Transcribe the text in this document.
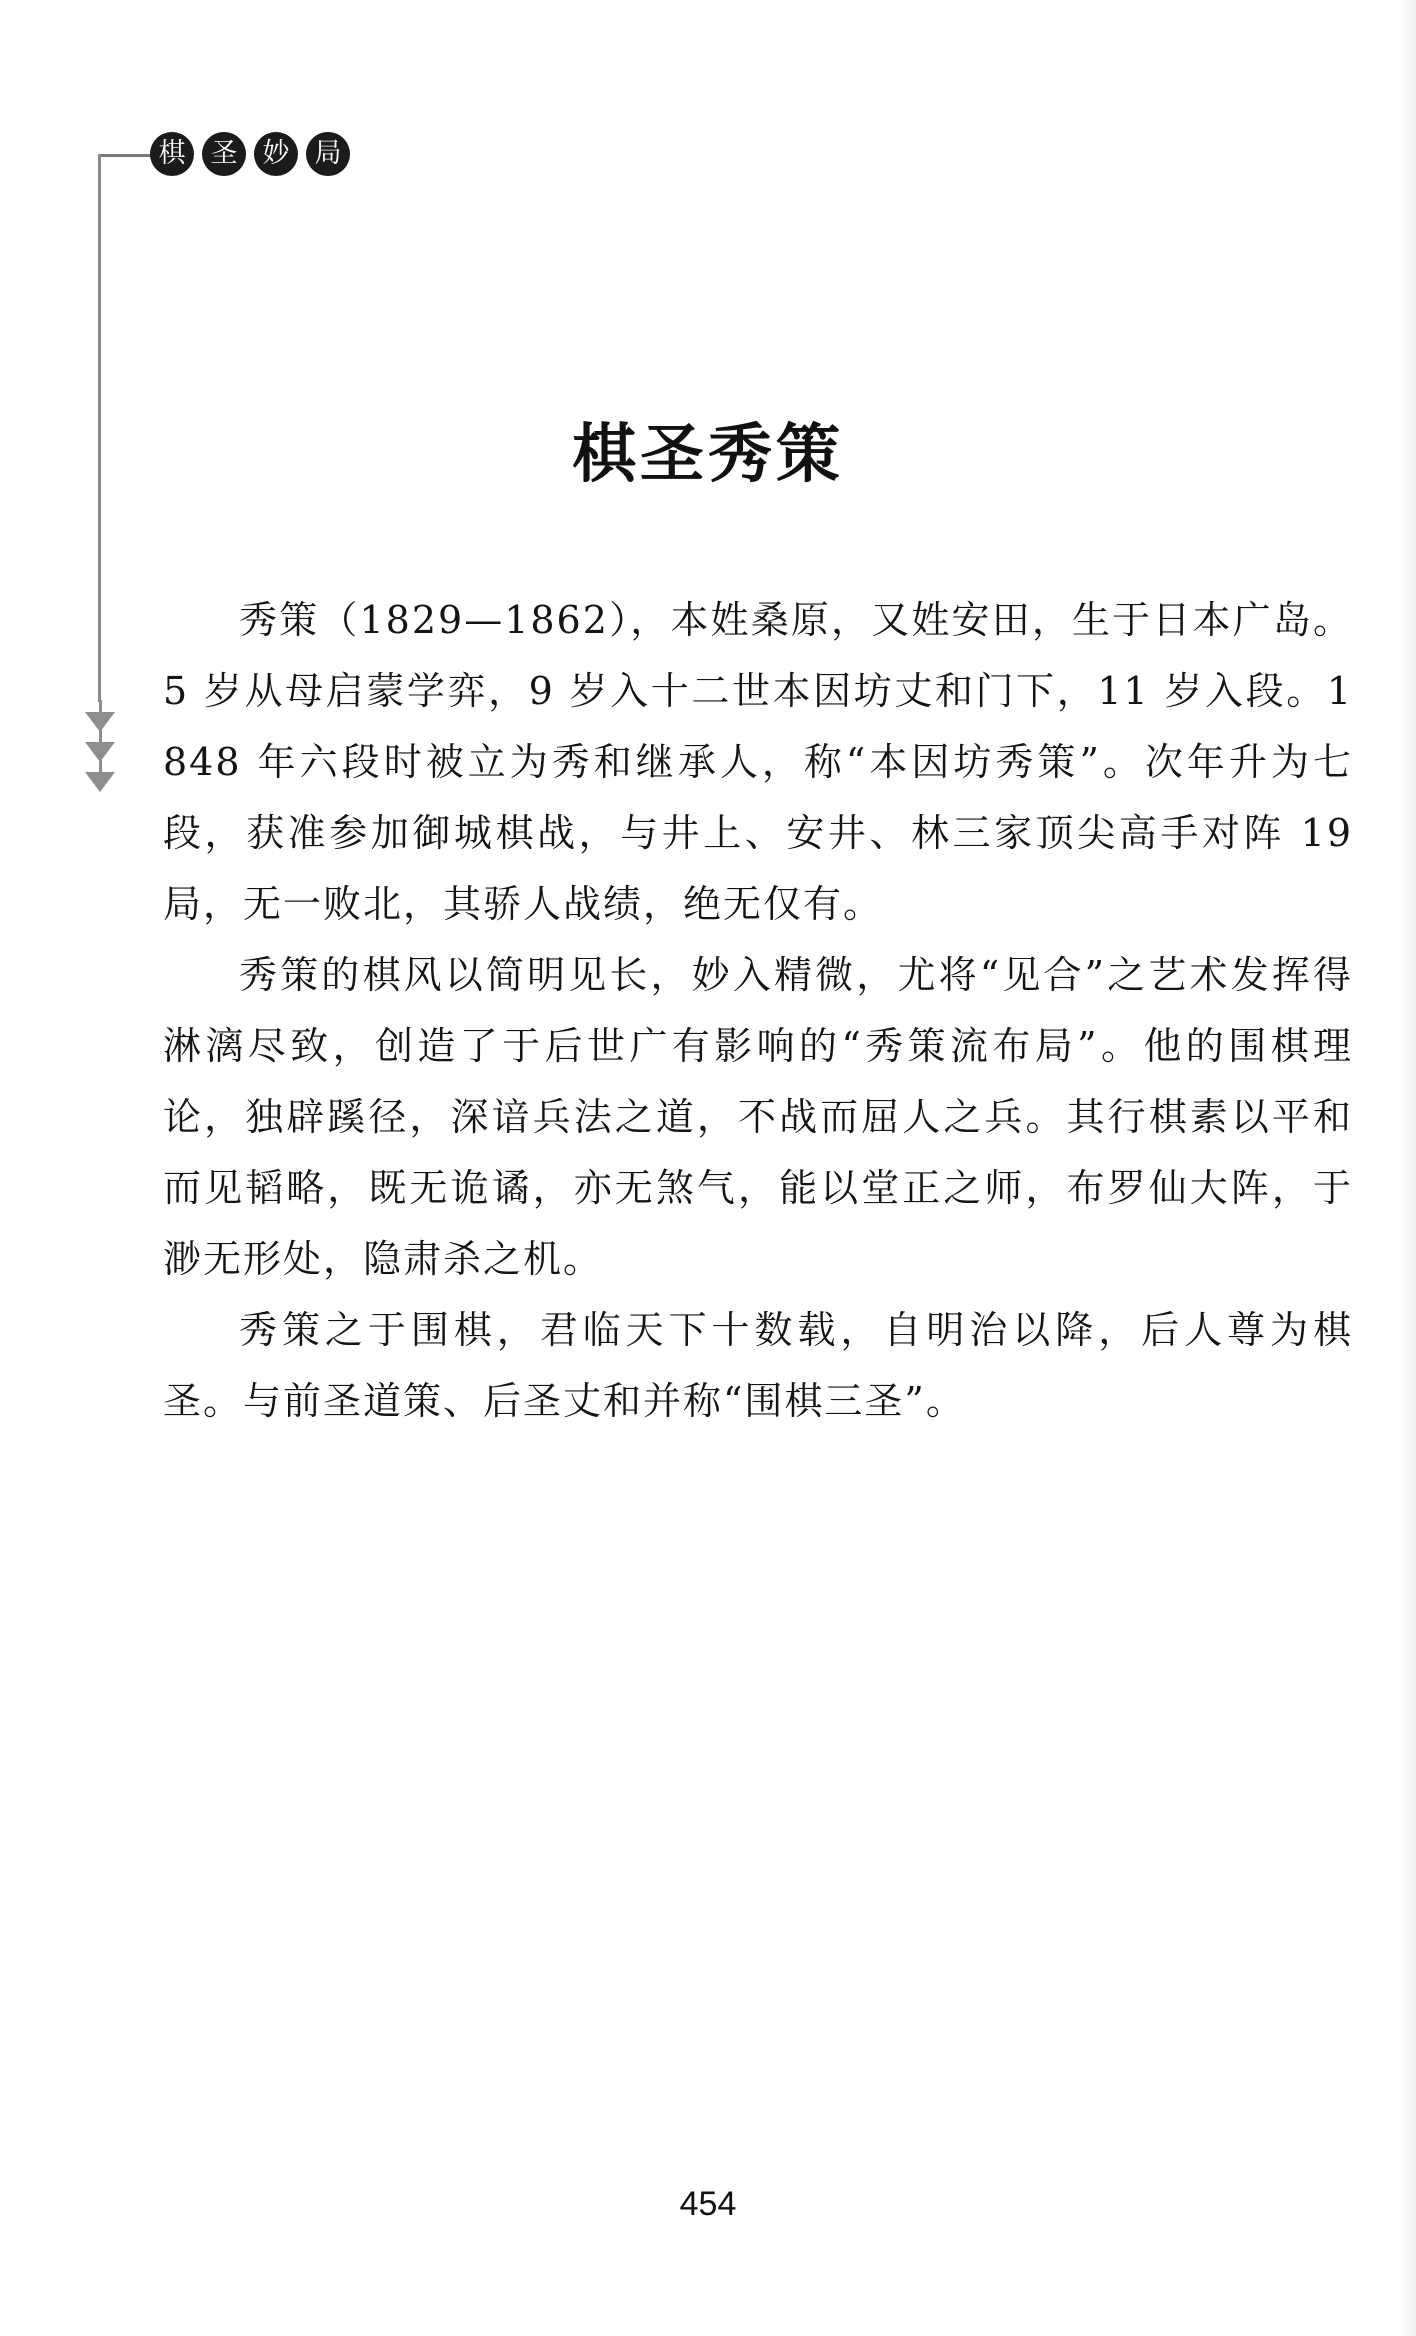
棋 圣 妙 局
棋圣秀策

秀策（1829—1862），本姓桑原，又姓安田，生于日本广岛。5 岁从母启蒙学弈，9 岁入十二世本因坊丈和门下，11 岁入段。1848 年六段时被立为秀和继承人，称“本因坊秀策”。次年升为七段，获准参加御城棋战，与井上、安井、林三家顶尖高手对阵 19 局，无一败北，其骄人战绩，绝无仅有。

秀策的棋风以简明见长，妙入精微，尤将“见合”之艺术发挥得淋漓尽致，创造了于后世广有影响的“秀策流布局”。他的围棋理论，独辟蹊径，深谙兵法之道，不战而屈人之兵。其行棋素以平和而见韬略，既无诡谲，亦无煞气，能以堂正之师，布罗仙大阵，于渺无形处，隐肃杀之机。

秀策之于围棋，君临天下十数载，自明治以降，后人尊为棋圣。与前圣道策、后圣丈和并称“围棋三圣”。

454
